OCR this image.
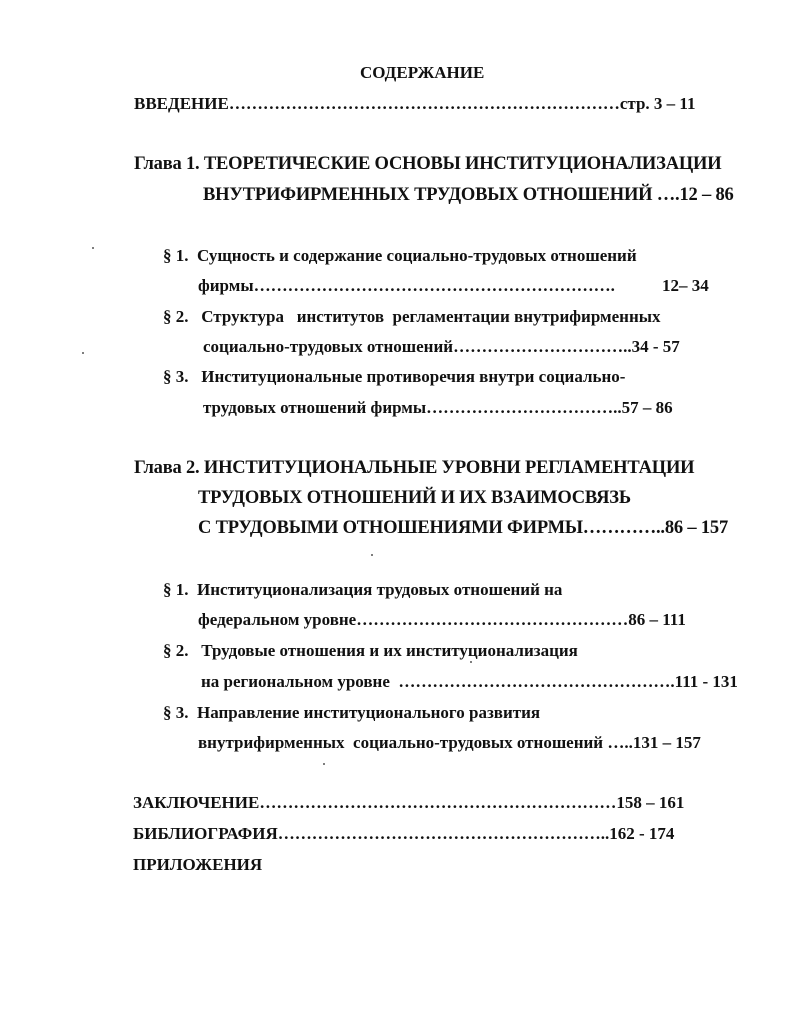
СОДЕРЖАНИЕ
ВВЕДЕНИЕ……………………………………………………………стр. 3 – 11
Глава 1. ТЕОРЕТИЧЕСКИЕ ОСНОВЫ ИНСТИТУЦИОНАЛИЗАЦИИ
ВНУТРИФИРМЕННЫХ ТРУДОВЫХ ОТНОШЕНИЙ ….12 – 86
§ 1.  Сущность и содержание социально-трудовых отношений
фирмы……………………………………………………….	12– 34
§ 2.   Структура   институтов  регламентации внутрифирменных
социально-трудовых отношений…………………………..34 - 57
§ 3.   Институциональные противоречия внутри социально-
трудовых отношений фирмы……………………………..57 – 86
Глава 2. ИНСТИТУЦИОНАЛЬНЫЕ УРОВНИ РЕГЛАМЕНТАЦИИ
ТРУДОВЫХ ОТНОШЕНИЙ И ИХ ВЗАИМОСВЯЗЬ
С ТРУДОВЫМИ ОТНОШЕНИЯМИ ФИРМЫ…………..86 – 157
§ 1.  Институционализация трудовых отношений на
федеральном уровне…………………………………………86 – 111
§ 2.   Трудовые отношения и их институционализация
на региональном уровне  ………………………………………….111 - 131
§ 3.  Направление институционального развития
внутрифирменных  социально-трудовых отношений …..131 – 157
ЗАКЛЮЧЕНИЕ………………………………………………………158 – 161
БИБЛИОГРАФИЯ…………………………………………………..162 - 174
ПРИЛОЖЕНИЯ
